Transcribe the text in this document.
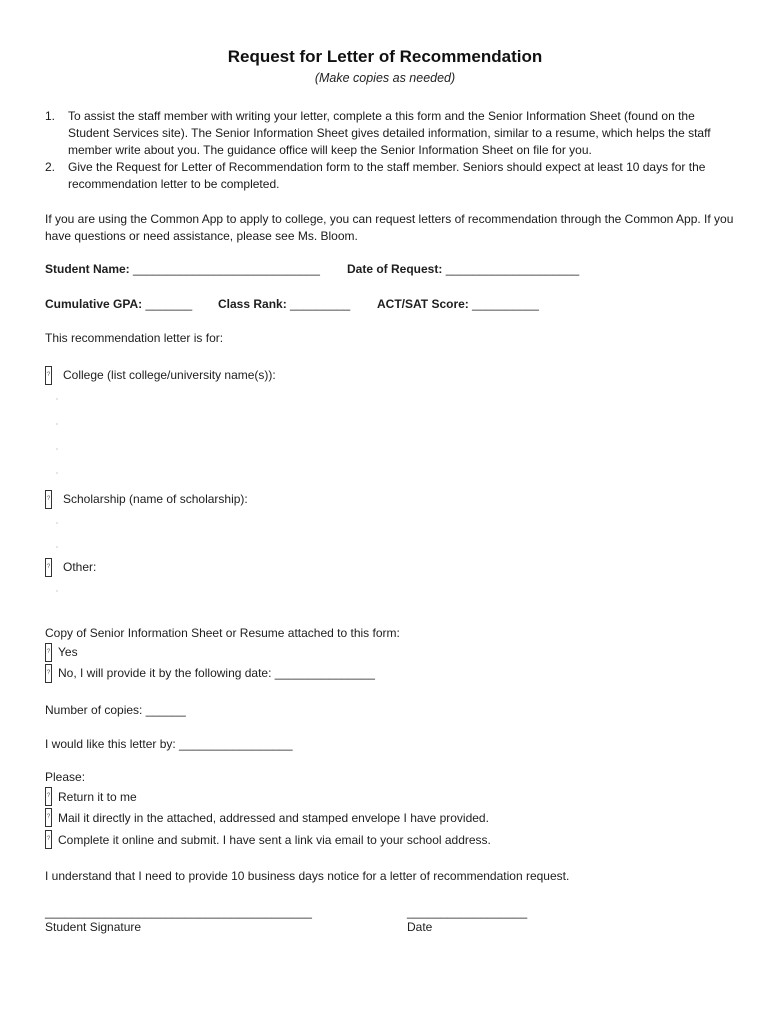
Request for Letter of Recommendation
(Make copies as needed)
1. To assist the staff member with writing your letter, complete a this form and the Senior Information Sheet (found on the Student Services site). The Senior Information Sheet gives detailed information, similar to a resume, which helps the staff member write about you. The guidance office will keep the Senior Information Sheet on file for you.
2. Give the Request for Letter of Recommendation form to the staff member. Seniors should expect at least 10 days for the recommendation letter to be completed.
If you are using the Common App to apply to college, you can request letters of recommendation through the Common App. If you have questions or need assistance, please see Ms. Bloom.
Student Name: ____________________________ Date of Request: ____________________
Cumulative GPA: _______ Class Rank: _________ ACT/SAT Score: __________
This recommendation letter is for:
? College (list college/university name(s)):
? Scholarship (name of scholarship):
? Other:
Copy of Senior Information Sheet or Resume attached to this form:
? Yes
? No, I will provide it by the following date: _______________
Number of copies: ______
I would like this letter by: _________________
Please:
? Return it to me
? Mail it directly in the attached, addressed and stamped envelope I have provided.
? Complete it online and submit. I have sent a link via email to your school address.
I understand that I need to provide 10 business days notice for a letter of recommendation request.
________________________________________
Student Signature
__________________
Date
